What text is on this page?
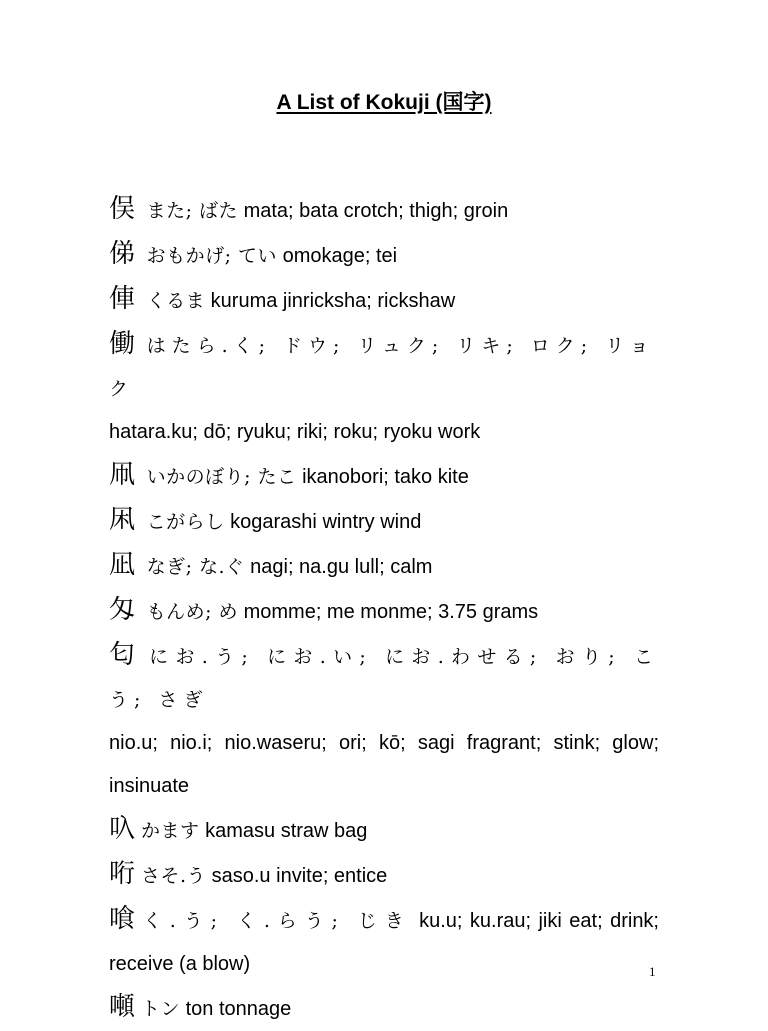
A List of Kokuji (国字)

俣 また; ばた mata; bata crotch; thigh; groin

俤 おもかげ; てい omokage; tei

俥 くるま kuruma jinricksha; rickshaw

働 はたら.く; ドウ; リュク; リキ; ロク; リョク
hatara.ku; dō; ryuku; riki; roku; ryoku work

凧 いかのぼり; たこ ikanobori; tako kite

凩 こがらし kogarashi wintry wind

凪 なぎ; な.ぐ nagi; na.gu lull; calm

匁 もんめ; め momme; me monme; 3.75 grams

匂 にお.う; にお.い; にお.わせる; おり; こう; さぎ
nio.u; nio.i; nio.waseru; ori; kō; sagi fragrant; stink; glow; insinuate

叺 かます kamasu straw bag

哘 さそ.う saso.u invite; entice

喰 く.う; く.らう; じき ku.u; ku.rau; jiki eat; drink; receive (a blow)

噸 トン ton tonnage

1
